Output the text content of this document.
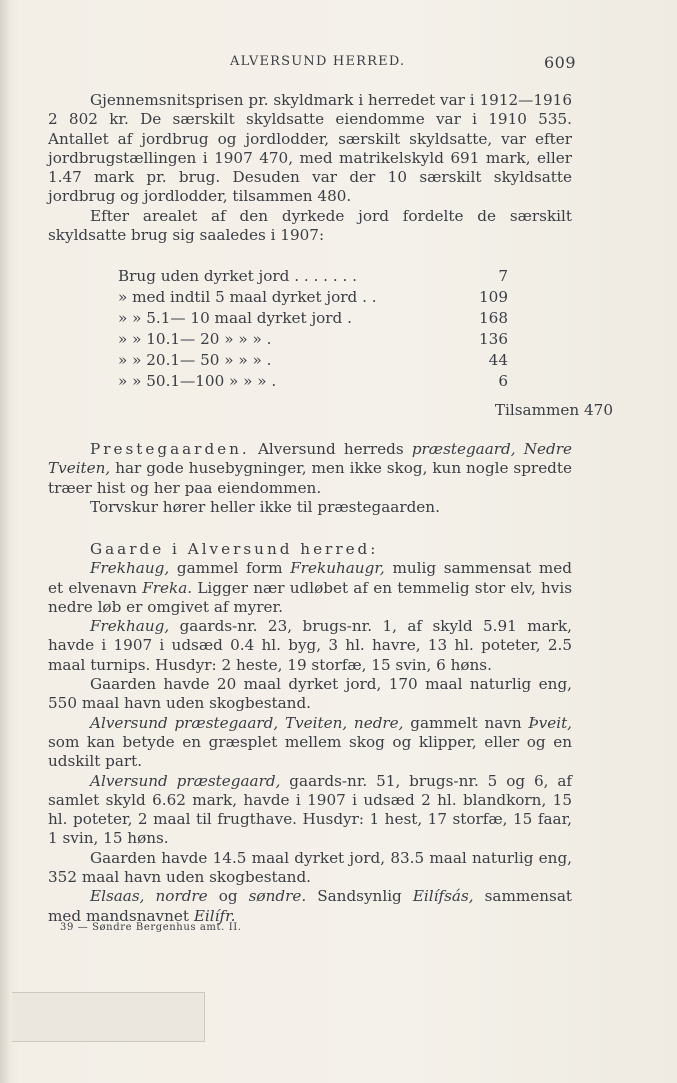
ALVERSUND HERRED.	609

Gjennemsnitsprisen pr. skyldmark i herredet var i 1912—1916 2 802 kr. De særskilt skyldsatte eiendomme var i 1910 535. Antallet af jordbrug og jordlodder, særskilt skyldsatte, var efter jordbrugstællingen i 1907 470, med matrikelskyld 691 mark, eller 1.47 mark pr. brug. Desuden var der 10 særskilt skyldsatte jordbrug og jordlodder, tilsammen 480.

Efter arealet af den dyrkede jord fordelte de særskilt skyldsatte brug sig saaledes i 1907:

Brug uden dyrket jord . . . . . . .	7
» med indtil 5 maal dyrket jord . .	109
» » 5.1— 10 maal dyrket jord .	168
» » 10.1— 20 » » » .	136
» » 20.1— 50 » » » .	44
» » 50.1—100 » » » .	6
Tilsammen 470

Prestegaarden. Alversund herreds præstegaard, Nedre Tveiten, har gode husebygninger, men ikke skog, kun nogle spredte træer hist og her paa eiendommen.

Torvskur hører heller ikke til præstegaarden.

Gaarde i Alversund herred:

Frekhaug, gammel form Frekuhaugr, mulig sammensat med et elvenavn Freka. Ligger nær udløbet af en temmelig stor elv, hvis nedre løb er omgivet af myrer.

Frekhaug, gaards-nr. 23, brugs-nr. 1, af skyld 5.91 mark, havde i 1907 i udsæd 0.4 hl. byg, 3 hl. havre, 13 hl. poteter, 2.5 maal turnips. Husdyr: 2 heste, 19 storfæ, 15 svin, 6 høns.

Gaarden havde 20 maal dyrket jord, 170 maal naturlig eng, 550 maal havn uden skogbestand.

Alversund præstegaard, Tveiten, nedre, gammelt navn Þveit, som kan betyde en græsplet mellem skog og klipper, eller og en udskilt part.

Alversund præstegaard, gaards-nr. 51, brugs-nr. 5 og 6, af samlet skyld 6.62 mark, havde i 1907 i udsæd 2 hl. blandkorn, 15 hl. poteter, 2 maal til frugthave. Husdyr: 1 hest, 17 storfæ, 15 faar, 1 svin, 15 høns.

Gaarden havde 14.5 maal dyrket jord, 83.5 maal naturlig eng, 352 maal havn uden skogbestand.

Elsaas, nordre og søndre. Sandsynlig Eilífsás, sammensat med mandsnavnet Eilífr.

39 — Søndre Bergenhus amt. II.
